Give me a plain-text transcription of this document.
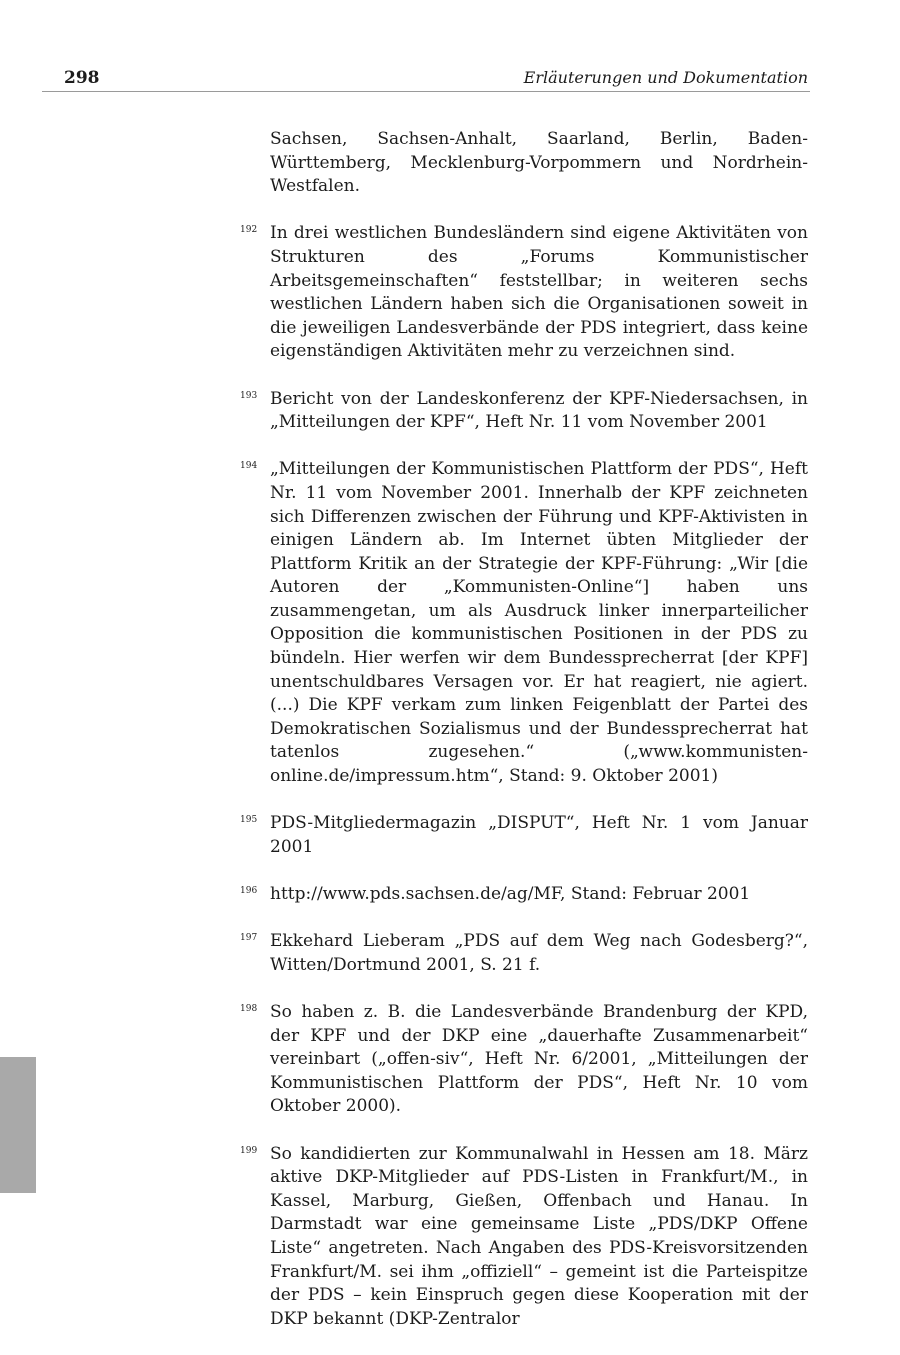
298	Erläuterungen und Dokumentation

Sachsen, Sachsen-Anhalt, Saarland, Berlin, Baden-Württemberg, Mecklenburg-Vorpommern und Nordrhein-Westfalen.

192 In drei westlichen Bundesländern sind eigene Aktivitäten von Strukturen des „Forums Kommunistischer Arbeitsgemeinschaften“ feststellbar; in weiteren sechs westlichen Ländern haben sich die Organisationen soweit in die jeweiligen Landesverbände der PDS integriert, dass keine eigenständigen Aktivitäten mehr zu verzeichnen sind.

193 Bericht von der Landeskonferenz der KPF-Niedersachsen, in „Mitteilungen der KPF“, Heft Nr. 11 vom November 2001

194 „Mitteilungen der Kommunistischen Plattform der PDS“, Heft Nr. 11 vom November 2001. Innerhalb der KPF zeichneten sich Differenzen zwischen der Führung und KPF-Aktivisten in einigen Ländern ab. Im Internet übten Mitglieder der Plattform Kritik an der Strategie der KPF-Führung: „Wir [die Autoren der „Kommunisten-Online“] haben uns zusammengetan, um als Ausdruck linker innerparteilicher Opposition die kommunistischen Positionen in der PDS zu bündeln. Hier werfen wir dem Bundessprecherrat [der KPF] unentschuldbares Versagen vor. Er hat reagiert, nie agiert. (...) Die KPF verkam zum linken Feigenblatt der Partei des Demokratischen Sozialismus und der Bundessprecherrat hat tatenlos zugesehen.“ („www.kommunisten-online.de/impressum.htm“, Stand: 9. Oktober 2001)

195 PDS-Mitgliedermagazin „DISPUT“, Heft Nr. 1 vom Januar 2001

196 http://www.pds.sachsen.de/ag/MF, Stand: Februar 2001

197 Ekkehard Lieberam „PDS auf dem Weg nach Godesberg?“, Witten/Dortmund 2001, S. 21 f.

198 So haben z. B. die Landesverbände Brandenburg der KPD, der KPF und der DKP eine „dauerhafte Zusammenarbeit“ vereinbart („offen-siv“, Heft Nr. 6/2001, „Mitteilungen der Kommunistischen Plattform der PDS“, Heft Nr. 10 vom Oktober 2000).

199 So kandidierten zur Kommunalwahl in Hessen am 18. März aktive DKP-Mitglieder auf PDS-Listen in Frankfurt/M., in Kassel, Marburg, Gießen, Offenbach und Hanau. In Darmstadt war eine gemeinsame Liste „PDS/DKP Offene Liste“ angetreten. Nach Angaben des PDS-Kreisvorsitzenden Frankfurt/M. sei ihm „offiziell“ – gemeint ist die Parteispitze der PDS – kein Einspruch gegen diese Kooperation mit der DKP bekannt (DKP-Zentralor
